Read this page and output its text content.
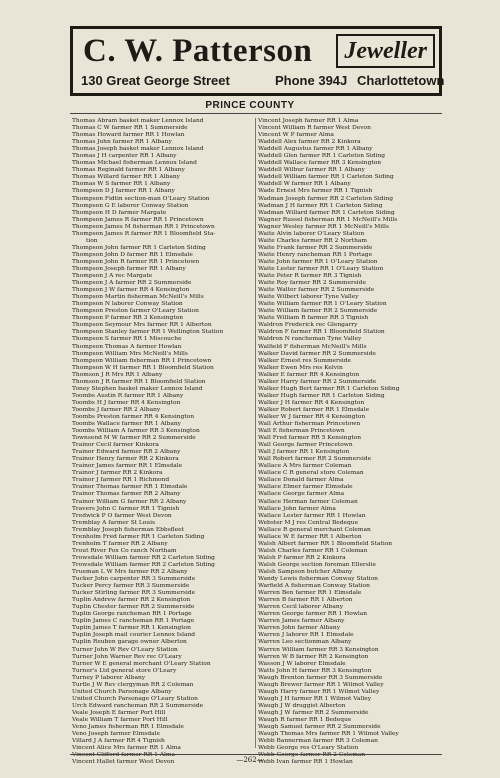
C. W. Patterson	Jeweller
130 Great George Street	Phone 394J Charlottetown
PRINCE COUNTY
Thomas Abram basket maker Lennox Island
Thomas C W farmer RR 1 Summerside
Thomas Howard farmer RR 1 Howlan
Thomas John farmer RR 1 Albany
Thomas Joseph basket maker Lennox Island
Thomas J H carpenter RR 1 Albany
Thomas Michael fisherman Lennox Island
Thomas Reginald farmer RR 1 Albany
Thomas Willard farmer RR 1 Albany
Thomas W S farmer RR 1 Albany
Thompson D J farmer RR 1 Albany
Thompson Fidtin section-man O'Leary Station
Thompson G E laborer Conway Station
Thompson H D farmer Margate
Thompson James R farmer RR 1 Princetown
Thompson James M fisherman RR 1 Princetown
Thompson James R farmer RR 1 Bloomfield Sta-
tion
Thompson John farmer RR 1 Carleton Siding
Thompson John D farmer RR 1 Elmsdale
Thompson John R farmer RR 1 Princetown
Thompson Joseph farmer RR 1 Albany
Thompson J A rec Margate
Thompson J A farmer RR 2 Summerside
Thompson J W farmer RR 4 Kensington
Thompson Martin fisherman McNeill's Mills
Thompson N laborer Conway Station
Thompson Preston farmer O'Leary Station
Thompson P farmer RR 3 Kensington
Thompson Seymour Mrs farmer RR 1 Alberton
Thompson Stanley farmer RR 1 Wellington Station
Thompson S farmer RR 1 Miscouche
Thompson Thomas A farmer Howlan
Thompson William Mrs McNeill's Mills
Thompson William fisherman RR 1 Princetown
Thompson W H farmer RR 1 Bloomfield Station
Thomson J R Mrs RR 1 Albany
Thomson J R farmer RR 1 Bloomfield Station
Toney Stephen basket maker Lennox Island
Toombs Austin R farmer RR 1 Albany
Toombs H J farmer RR 4 Kensington
Toombs J farmer RR 2 Albany
Toombs Preston farmer RR 4 Kensington
Toombs Wallace farmer RR 1 Albany
Toombs William A farmer RR 3 Kensington
Townsend M W farmer RR 2 Summerside
Trainor Cecil farmer Kinkora
Trainor Edward farmer RR 2 Albany
Trainor Henry farmer RR 2 Kinkora
Trainor James farmer RR 1 Elmsdale
Trainor J farmer RR 2 Kinkora
Trainor J farmer RR 1 Richmond
Trainor Thomas farmer RR 1 Elmsdale
Trainor Thomas farmer RR 2 Albany
Trainor William G farmer RR 2 Albany
Travers John C farmer RR 1 Tignish
Tredwick P O farmer West Devon
Tremblay A farmer St Louis
Tremblay Joseph fisherman Ebbsfleet
Trenholm Fred farmer RR 1 Carleton Siding
Trenholm T farmer RR 2 Albany
Trout River Fox Co ranch Northam
Trowsdale William farmer RR 2 Carleton Siding
Trowsdale William farmer RR 2 Carleton Siding
Trueman L W Mrs farmer RR 2 Albany
Tucker John carpenter RR 3 Summerside
Tucker Percy farmer RR 3 Summerside
Tucker Stirling farmer RR 3 Summerside
Tuplin Andrew farmer RR 2 Kensington
Tuplin Chester farmer RR 2 Summerside
Tuplin George rancheman RR 1 Portage
Tuplin James C rancheman RR 1 Portage
Tuplin James T farmer RR 1 Kensington
Tuplin Joseph mail courier Lennox Island
Tuplin Reuben garage owner Alberton
Turner John W Rev O'Leary Station
Turner John Warner Rev rec O'Leary
Turner W E general merchant O'Leary Station
Turner's Ltd general store O'Leary
Turney P laborer Albany
Turtle J W Rev clergyman RR 2 Coleman
United Church Parsonage Albany
United Church Parsonage O'Leary Station
Urch Edward rancheman RR 2 Summerside
Veale Joseph E farmer Port Hill
Veale William T farmer Port Hill
Veno James fisherman RR 1 Elmsdale
Veno Joseph farmer Elmsdale
Villard J A farmer RR 4 Tignish
Vincent Alice Mrs farmer RR 1 Alma
Vincent Clifford farmer RR 1 Alma
Vincent Hallet farmer West Devon
Vincent Joseph farmer RR 1 Alma
Vincent William R farmer West Devon
Vincent W P farmer Alma
Waddell Alex farmer RR 2 Kinkora
Waddell Augustus farmer RR 1 Albany
Waddell Glen farmer RR 1 Carleton Siding
Waddell Wallace farmer RR 3 Kensington
Waddell Wilbur farmer RR 1 Albany
Waddell William farmer RR 1 Carleton Siding
Waddell W farmer RR 1 Albany
Wade Ernest Mrs farmer RR 1 Tignish
Wadman Joseph farmer RR 2 Carleton Siding
Wadman J H farmer RR 1 Carleton Siding
Wadman Willard farmer RR 1 Carleton Siding
Wagner Russel fisherman RR 1 McNeill's Mills
Wagner Wesley farmer RR 1 McNeill's Mills
Waite Alvin laborer O'Leary Station
Waite Charles farmer RR 2 Northam
Waite Frank farmer RR 2 Summerside
Waite Henry rancheman RR 1 Portage
Waite John farmer RR 1 O'Leary Station
Waite Lester farmer RR 1 O'Leary Station
Waite Peter R farmer RR 3 Tignish
Waite Roy farmer RR 2 Summerside
Waite Walter farmer RR 2 Summerside
Waite Wilbert laborer Tyne Valley
Waite William farmer RR 1 O'Leary Station
Waite William farmer RR 2 Summerside
Waite William R farmer RR 3 Tignish
Waldron Frederick rec Glengarry
Waldron F farmer RR 1 Bloomfield Station
Waldron N rancheman Tyne Valley
Walfield F fisherman McNeill's Mills
Walker David farmer RR 2 Summerside
Walker Ernest res Summerside
Walker Ewen Mrs res Kelvin
Walker E farmer RR 4 Kensington
Walker Harry farmer RR 2 Summerside
Walker Hugh Bert farmer RR 1 Carleton Siding
Walker Hugh farmer RR 1 Carleton Siding
Walker J H farmer RR 4 Kensington
Walker Robert farmer RR 1 Elmsdale
Walker W J farmer RR 4 Kensington
Wall Arthur fisherman Princetown
Wall E fisherman Princetown
Wall Fred farmer RR 5 Kensington
Wall George farmer Princetown
Wall J farmer RR 1 Kensington
Wall Robert farmer RR 2 Summerside
Wallace A Mrs farmer Coleman
Wallace C R general store Coleman
Wallace Donald farmer Alma
Wallace Elmer farmer Elmsdale
Wallace George farmer Alma
Wallace Herman farmer Coleman
Wallace John farmer Alma
Wallace Lester farmer RR 1 Howlan
Webster M J res Central Bedeque
Wallace R general merchant Coleman
Wallace W E farmer RR 1 Alberton
Walsh Albert farmer RR 1 Bloomfield Station
Walsh Charles farmer RR 1 Coleman
Walsh P farmer RR 2 Kinkora
Walsh George section foreman Ellerslie
Walsh Sampson butcher Albany
Wandy Lewis fisherman Conway Station
Warfield A fisherman Conway Station
Warren Ben farmer RR 1 Elmsdale
Warren B farmer RR 1 Alberton
Warren Cecil laborer Albany
Warren George farmer RR 1 Howlan
Warren James farmer Albany
Warren John farmer Albany
Warren J laborer RR 1 Elmsdale
Warren Leo sectionman Albany
Warren William farmer RR 3 Kensington
Warren W B farmer RR 2 Kensington
Wasson J W laborer Elmsdale
Watts John H farmer RR 3 Kensington
Waugh Brenton farmer RR 3 Summerside
Waugh Brewer farmer RR 1 Wilmot Valley
Waugh Harry farmer RR 1 Wilmot Valley
Waugh J H farmer RR 1 Wilmot Valley
Waugh J W druggist Alberton
Waugh J W farmer RR 2 Summerside
Waugh R farmer RR 1 Bedeque
Waugh Samuel farmer RR 2 Summerside
Waugh Thomas Mrs farmer RR 1 Wilmot Valley
Webb Bannerman farmer RR 3 Coleman
Webb George res O'Leary Station
Webb George farmer RR 2 Coleman
Webb Ivan farmer RR 1 Howlan
—262—
